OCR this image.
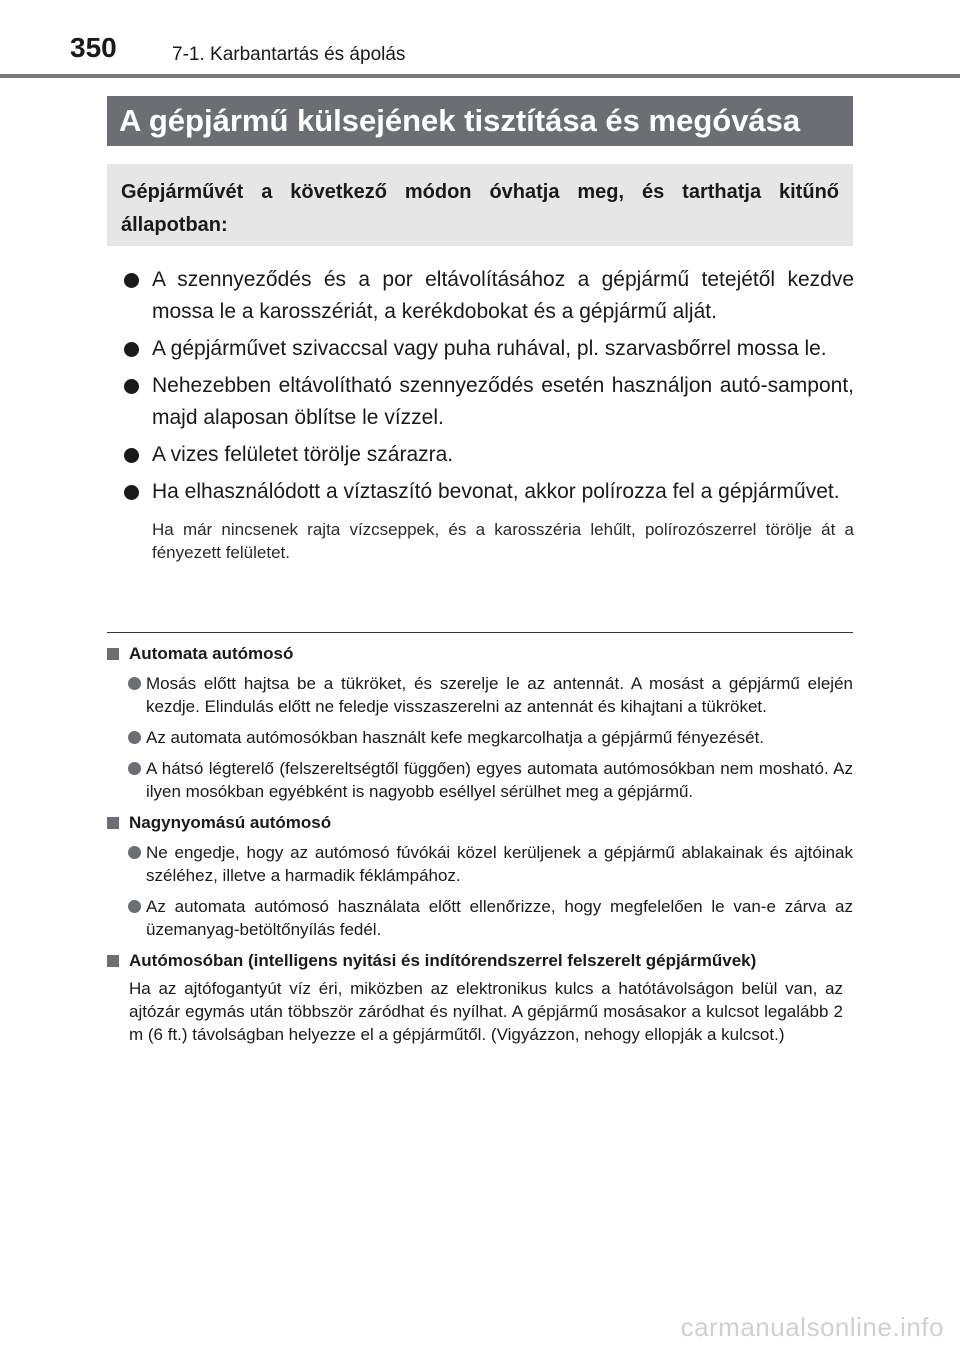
350	7-1. Karbantartás és ápolás
A gépjármű külsejének tisztítása és megóvása
Gépjárművét a következő módon óvhatja meg, és tarthatja kitűnő állapotban:
A szennyeződés és a por eltávolításához a gépjármű tetejétől kezdve mossa le a karosszériát, a kerékdobokat és a gépjármű alját.
A gépjárművet szivaccsal vagy puha ruhával, pl. szarvasbőrrel mossa le.
Nehezebben eltávolítható szennyeződés esetén használjon autó-sampont, majd alaposan öblítse le vízzel.
A vizes felületet törölje szárazra.
Ha elhasználódott a víztaszító bevonat, akkor polírozza fel a gépjárművet.
Ha már nincsenek rajta vízcseppek, és a karosszéria lehűlt, polírozószerrel törölje át a fényezett felületet.
Automata autómosó
Mosás előtt hajtsa be a tükröket, és szerelje le az antennát. A mosást a gépjármű elején kezdje. Elindulás előtt ne feledje visszaszerelni az antennát és kihajtani a tükröket.
Az automata autómosókban használt kefe megkarcolhatja a gépjármű fényezését.
A hátsó légterelő (felszereltségtől függően) egyes automata autómosókban nem mosható. Az ilyen mosókban egyébként is nagyobb eséllyel sérülhet meg a gépjármű.
Nagynyomású autómosó
Ne engedje, hogy az autómosó fúvókái közel kerüljenek a gépjármű ablakainak és ajtóinak széléhez, illetve a harmadik féklámpához.
Az automata autómosó használata előtt ellenőrizze, hogy megfelelően le van-e zárva az üzemanyag-betöltőnyílás fedél.
Autómosóban (intelligens nyitási és indítórendszerrel felszerelt gépjárművek)
Ha az ajtófogantyút víz éri, miközben az elektronikus kulcs a hatótávolságon belül van, az ajtózár egymás után többször záródhat és nyílhat. A gépjármű mosásakor a kulcsot legalább 2 m (6 ft.) távolságban helyezze el a gépjárműtől. (Vigyázzon, nehogy ellopják a kulcsot.)
carmanualsonline.info
